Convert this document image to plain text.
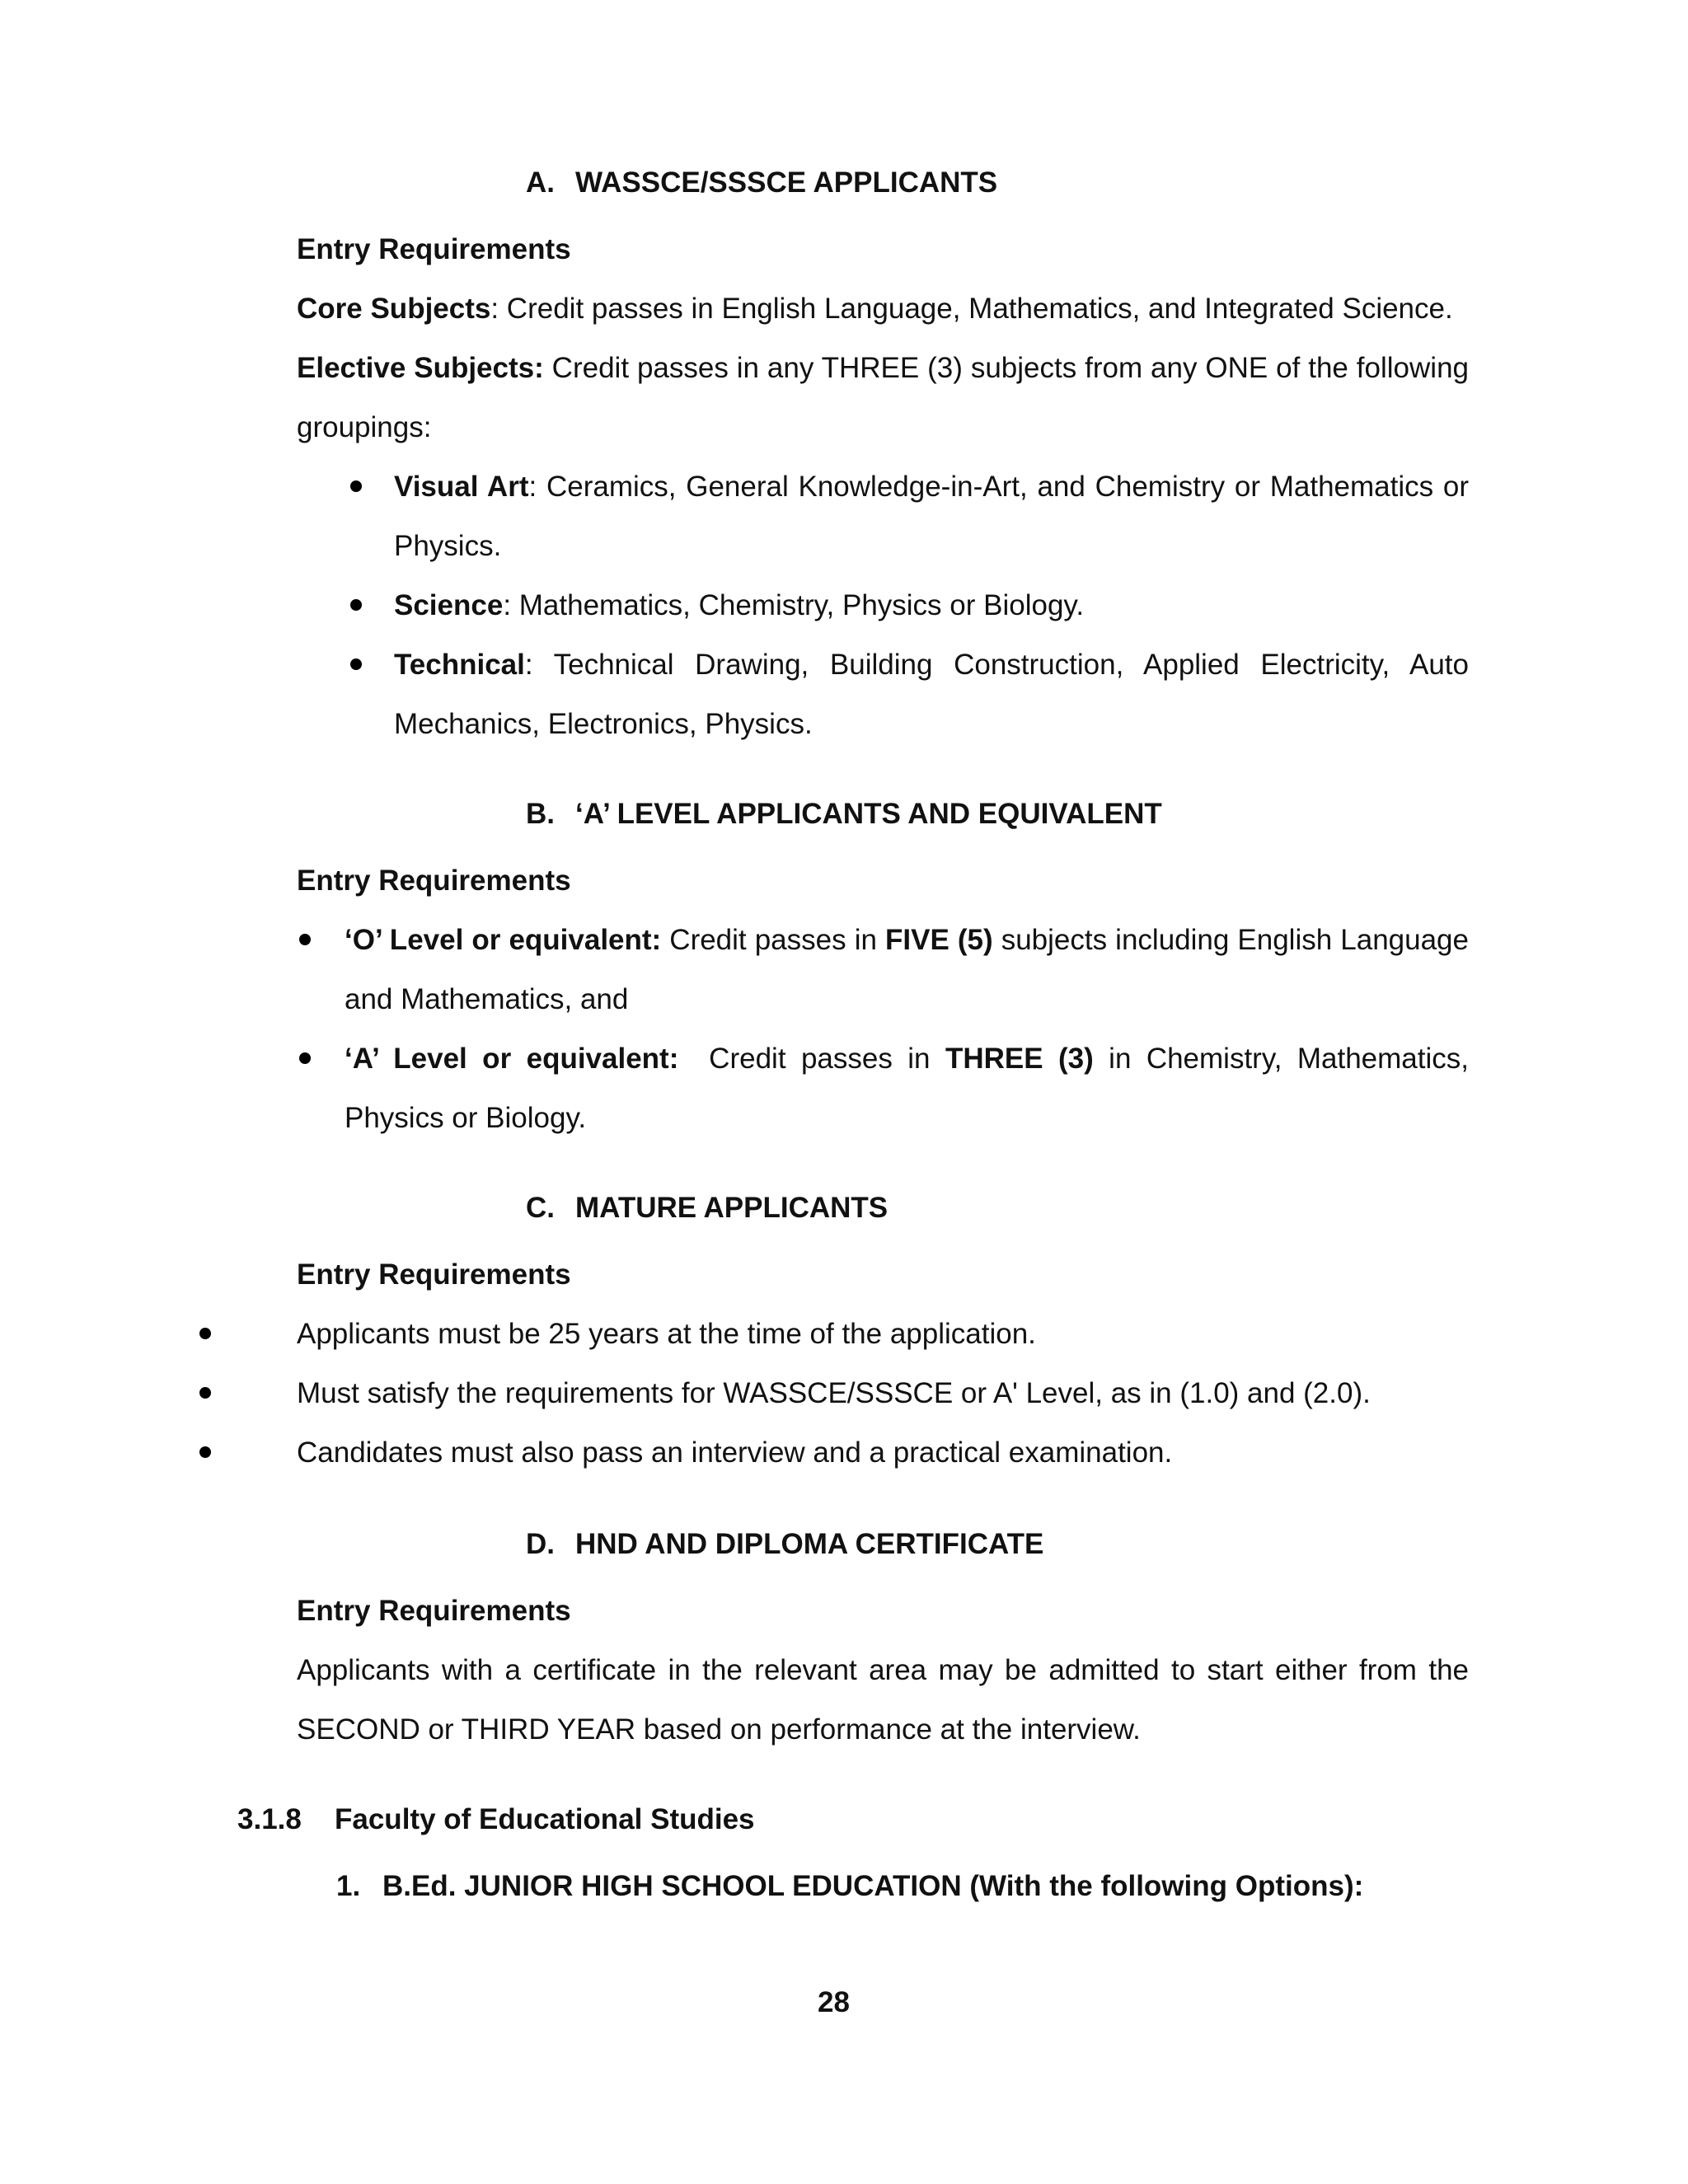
A. WASSCE/SSSCE APPLICANTS
Entry Requirements
Core Subjects: Credit passes in English Language, Mathematics, and Integrated Science.
Elective Subjects: Credit passes in any THREE (3) subjects from any ONE of the following groupings:
Visual Art: Ceramics, General Knowledge-in-Art, and Chemistry or Mathematics or Physics.
Science: Mathematics, Chemistry, Physics or Biology.
Technical: Technical Drawing, Building Construction, Applied Electricity, Auto Mechanics, Electronics, Physics.
B. ‘A’ LEVEL APPLICANTS AND EQUIVALENT
Entry Requirements
‘O’ Level or equivalent: Credit passes in FIVE (5) subjects including English Language and Mathematics, and
‘A’ Level or equivalent:  Credit passes in THREE (3) in Chemistry, Mathematics, Physics or Biology.
C. MATURE APPLICANTS
Entry Requirements
Applicants must be 25 years at the time of the application.
Must satisfy the requirements for WASSCE/SSSCE or A' Level, as in (1.0) and (2.0).
Candidates must also pass an interview and a practical examination.
D. HND AND DIPLOMA CERTIFICATE
Entry Requirements
Applicants with a certificate in the relevant area may be admitted to start either from the SECOND or THIRD YEAR based on performance at the interview.
3.1.8 Faculty of Educational Studies
1. B.Ed. JUNIOR HIGH SCHOOL EDUCATION (With the following Options):
28
